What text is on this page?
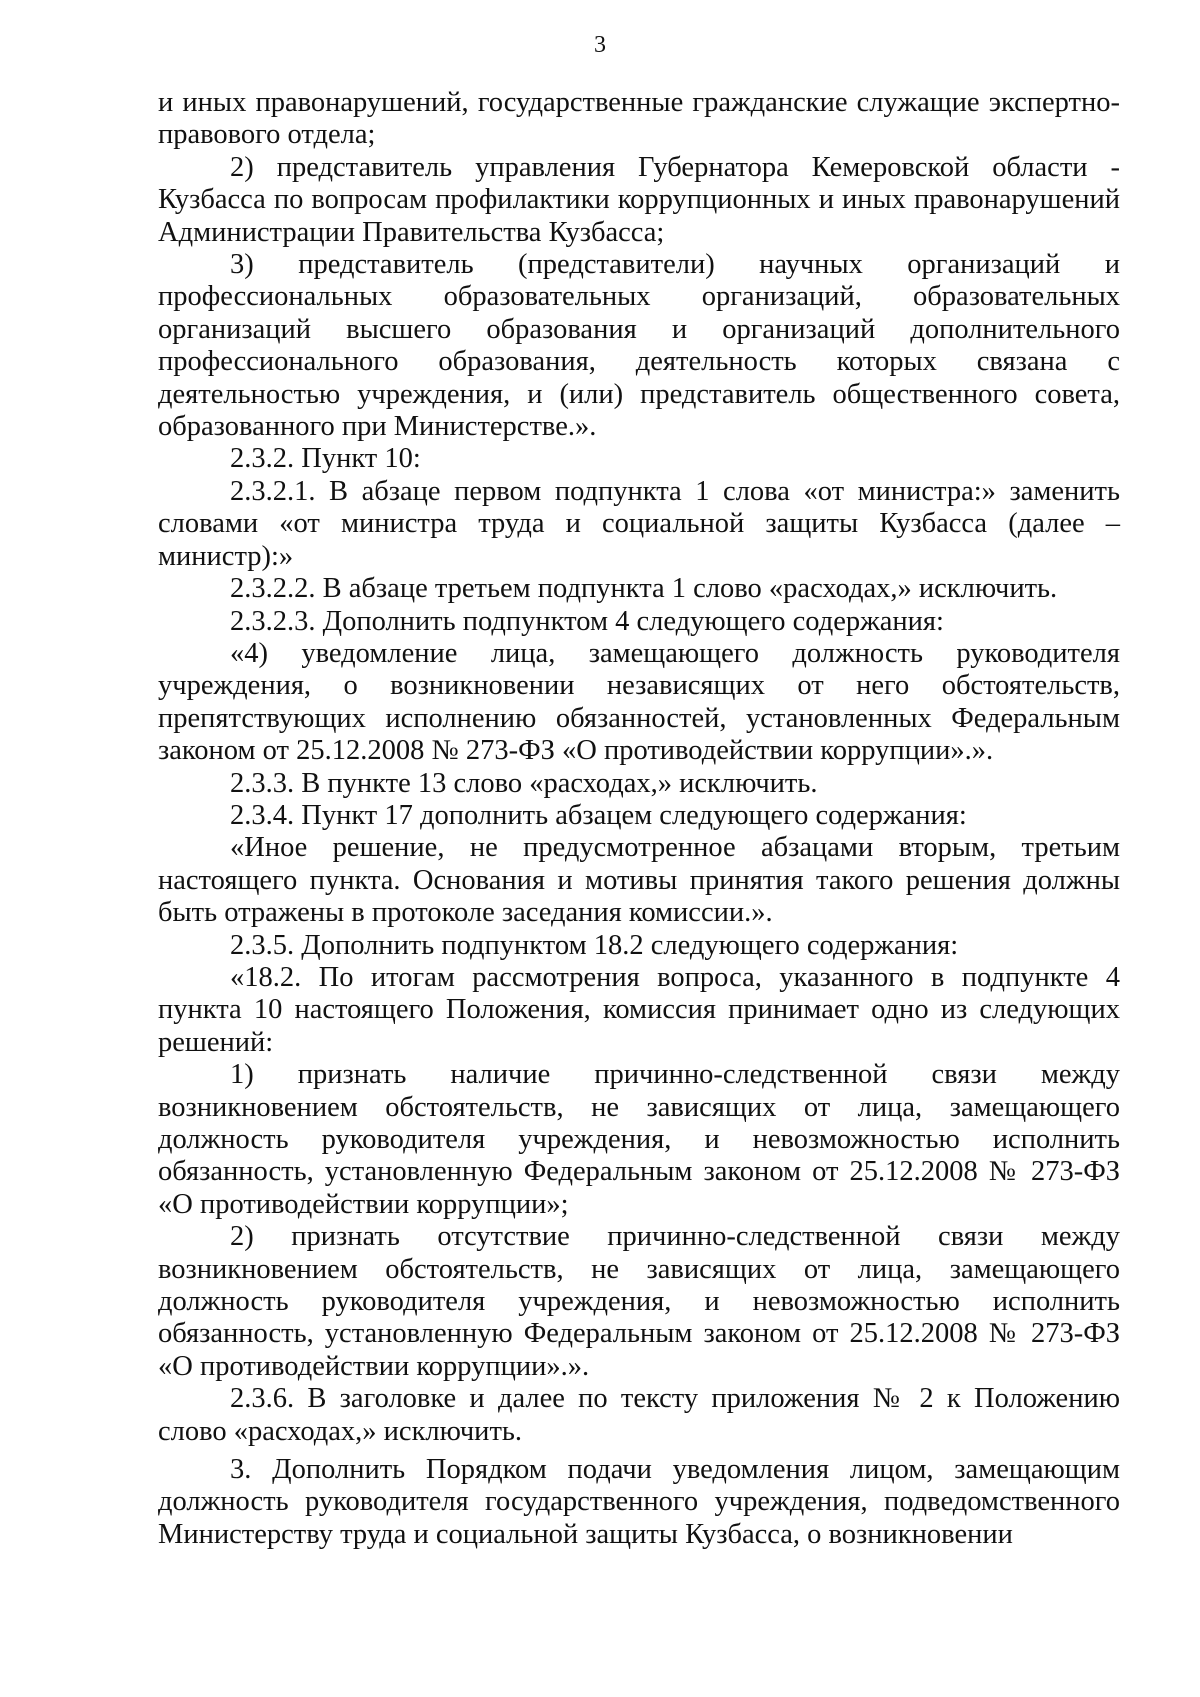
3

и иных правонарушений, государственные гражданские служащие экспертно-правового отдела;

2) представитель управления Губернатора Кемеровской области - Кузбасса по вопросам профилактики коррупционных и иных правонарушений Администрации Правительства Кузбасса;

3) представитель (представители) научных организаций и профессиональных образовательных организаций, образовательных организаций высшего образования и организаций дополнительного профессионального образования, деятельность которых связана с деятельностью учреждения, и (или) представитель общественного совета, образованного при Министерстве.».

2.3.2. Пункт 10:

2.3.2.1. В абзаце первом подпункта 1 слова «от министра:» заменить словами «от министра труда и социальной защиты Кузбасса (далее – министр):»

2.3.2.2. В абзаце третьем подпункта 1 слово «расходах,» исключить.

2.3.2.3. Дополнить подпунктом 4 следующего содержания:

«4) уведомление лица, замещающего должность руководителя учреждения, о возникновении независящих от него обстоятельств, препятствующих исполнению обязанностей, установленных Федеральным законом от 25.12.2008 № 273-ФЗ «О противодействии коррупции».».

2.3.3. В пункте 13 слово «расходах,» исключить.

2.3.4. Пункт 17 дополнить абзацем следующего содержания:

«Иное решение, не предусмотренное абзацами вторым, третьим настоящего пункта. Основания и мотивы принятия такого решения должны быть отражены в протоколе заседания комиссии.».

2.3.5. Дополнить подпунктом 18.2 следующего содержания:

«18.2. По итогам рассмотрения вопроса, указанного в подпункте 4 пункта 10 настоящего Положения, комиссия принимает одно из следующих решений:

1) признать наличие причинно-следственной связи между возникновением обстоятельств, не зависящих от лица, замещающего должность руководителя учреждения, и невозможностью исполнить обязанность, установленную Федеральным законом от 25.12.2008 № 273-ФЗ «О противодействии коррупции»;

2) признать отсутствие причинно-следственной связи между возникновением обстоятельств, не зависящих от лица, замещающего должность руководителя учреждения, и невозможностью исполнить обязанность, установленную Федеральным законом от 25.12.2008 № 273-ФЗ «О противодействии коррупции».».

2.3.6. В заголовке и далее по тексту приложения № 2 к Положению слово «расходах,» исключить.

3. Дополнить Порядком подачи уведомления лицом, замещающим должность руководителя государственного учреждения, подведомственного Министерству труда и социальной защиты Кузбасса, о возникновении
